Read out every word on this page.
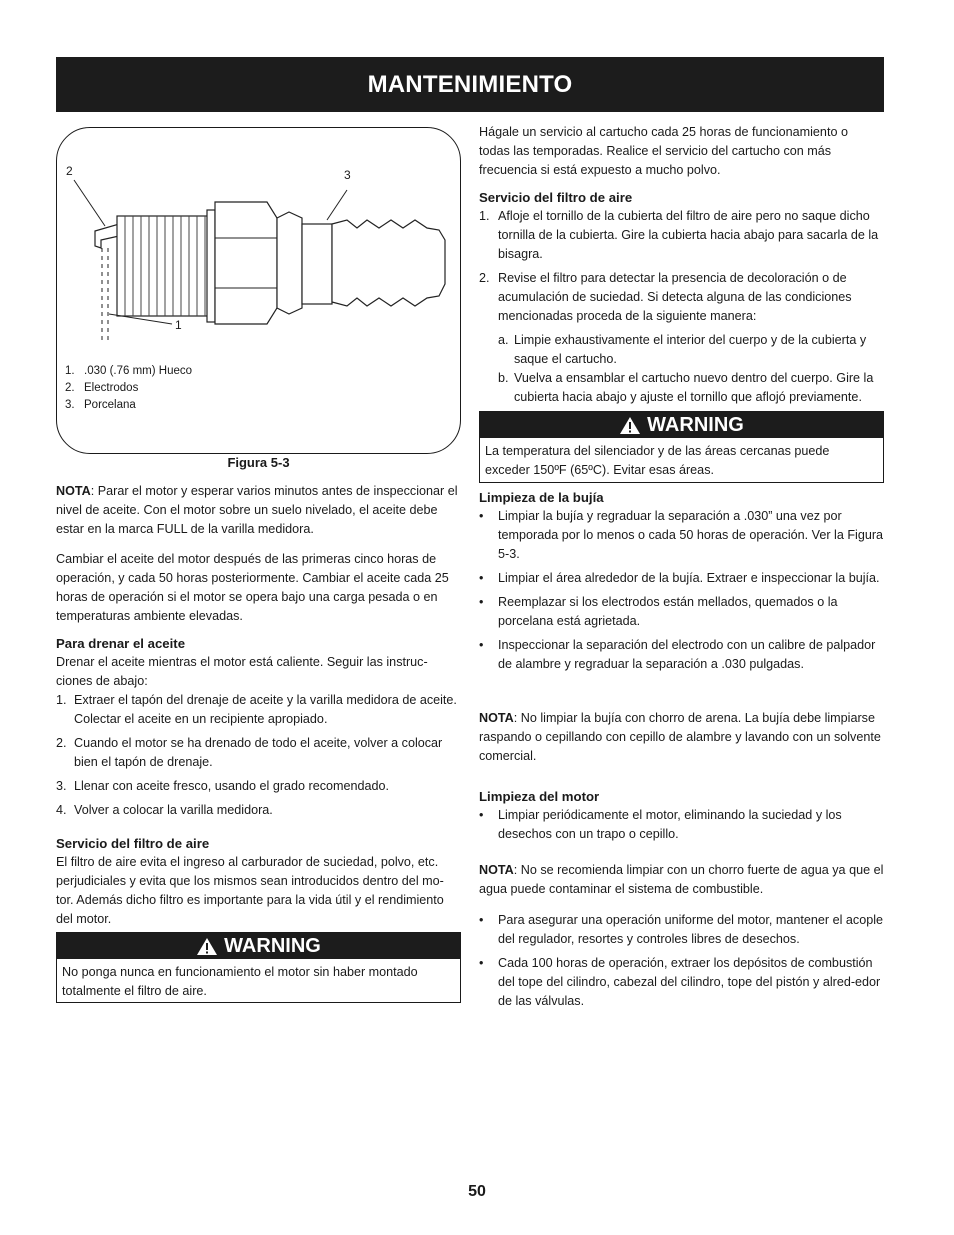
MANTENIMIENTO
2	3
1
1. .030 (.76 mm) Hueco
2. Electrodos
3. Porcelana
Figura 5-3

NOTA: Parar el motor y esperar varios minutos antes de inspeccionar el nivel de aceite. Con el motor sobre un suelo nivelado, el aceite debe estar en la marca FULL de la varilla medidora.

Cambiar el aceite del motor después de las primeras cinco horas de operación, y cada 50 horas posteriormente. Cambiar el aceite cada 25 horas de operación si el motor se opera bajo una carga pesada o en temperaturas ambiente elevadas.

Para drenar el aceite

Drenar el aceite mientras el motor está caliente. Seguir las instruc-ciones de abajo:

1. Extraer el tapón del drenaje de aceite y la varilla medidora de aceite. Colectar el aceite en un recipiente apropiado.
2. Cuando el motor se ha drenado de todo el aceite, volver a colocar bien el tapón de drenaje.
3. Llenar con aceite fresco, usando el grado recomendado.
4. Volver a colocar la varilla medidora.

Servicio del filtro de aire

El filtro de aire evita el ingreso al carburador de suciedad, polvo, etc. perjudiciales y evita que los mismos sean introducidos dentro del mo-tor. Además dicho filtro es importante para la vida útil y el rendimiento del motor.

WARNING
No ponga nunca en funcionamiento el motor sin haber montado totalmente el filtro de aire.

Hágale un servicio al cartucho cada 25 horas de funcionamiento o todas las temporadas. Realice el servicio del cartucho con más frecuencia si está expuesto a mucho polvo.

Servicio del filtro de aire

1. Afloje el tornillo de la cubierta del filtro de aire pero no saque dicho tornilla de la cubierta. Gire la cubierta hacia abajo para sacarla de la bisagra.
2. Revise el filtro para detectar la presencia de decoloración o de acumulación de suciedad. Si detecta alguna de las condiciones mencionadas proceda de la siguiente manera:
a. Limpie exhaustivamente el interior del cuerpo y de la cubierta y saque el cartucho.
b. Vuelva a ensamblar el cartucho nuevo dentro del cuerpo. Gire la cubierta hacia abajo y ajuste el tornillo que aflojó previamente.
WARNING
La temperatura del silenciador y de las áreas cercanas puede exceder 150ºF (65ºC). Evitar esas áreas.

Limpieza de la bujía

•	Limpiar la bujía y regraduar la separación a .030” una vez por temporada por lo menos o cada 50 horas de operación. Ver la Figura 5-3.
•	Limpiar el área alrededor de la bujía. Extraer e inspeccionar la bujía.
•	Reemplazar si los electrodos están mellados, quemados o la porcelana está agrietada.
•	Inspeccionar la separación del electrodo con un calibre de palpador de alambre y regraduar la separación a .030 pulgadas.

NOTA: No limpiar la bujía con chorro de arena. La bujía debe limpiarse raspando o cepillando con cepillo de alambre y lavando con un solvente comercial.

Limpieza del motor

•	Limpiar periódicamente el motor, eliminando la suciedad y los desechos con un trapo o cepillo.

NOTA: No se recomienda limpiar con un chorro fuerte de agua ya que el agua puede contaminar el sistema de combustible.

•	Para asegurar una operación uniforme del motor, mantener el acople del regulador, resortes y controles libres de desechos.
•	Cada 100 horas de operación, extraer los depósitos de combustión del tope del cilindro, cabezal del cilindro, tope del pistón y alred-edor de las válvulas.
50
